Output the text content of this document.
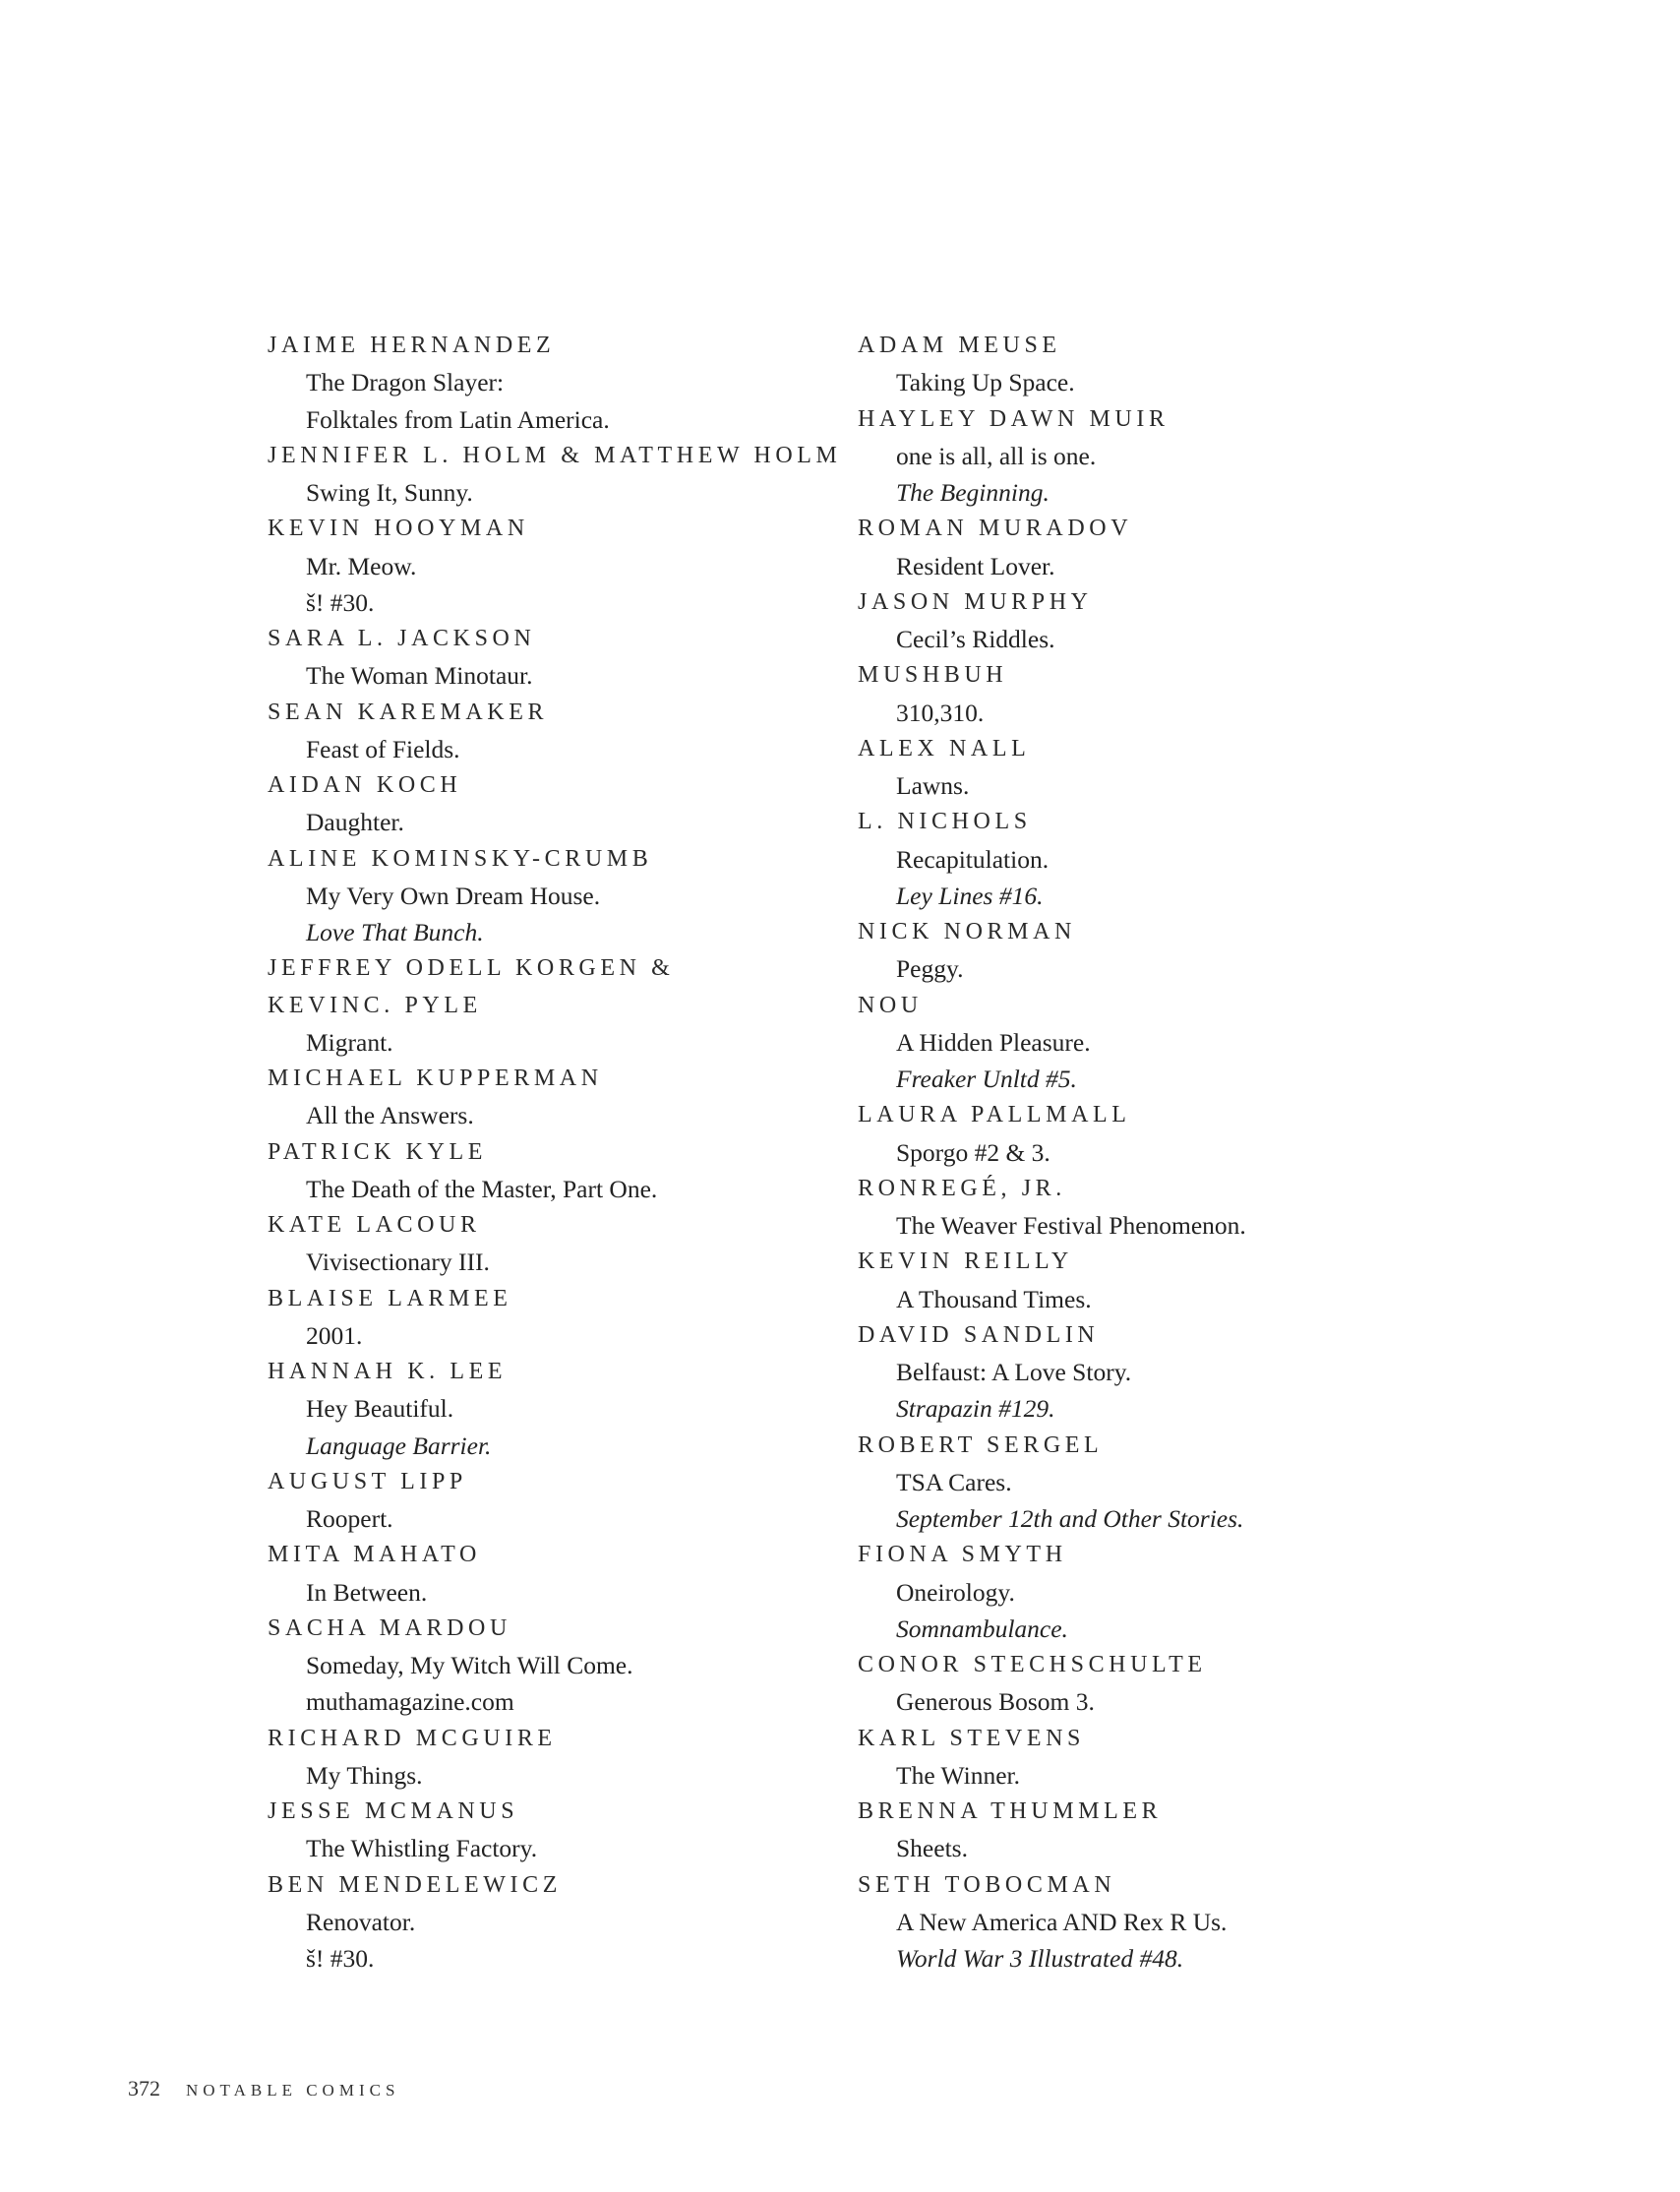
JAIME HERNANDEZ
The Dragon Slayer:
Folktales from Latin America.
JENNIFER L. HOLM & MATTHEW HOLM
Swing It, Sunny.
KEVIN HOOYMAN
Mr. Meow.
š! #30.
SARA L. JACKSON
The Woman Minotaur.
SEAN KAREMAKER
Feast of Fields.
AIDAN KOCH
Daughter.
ALINE KOMINSKY-CRUMB
My Very Own Dream House.
Love That Bunch.
JEFFREY ODELL KORGEN &
KEVINC. PYLE
Migrant.
MICHAEL KUPPERMAN
All the Answers.
PATRICK KYLE
The Death of the Master, Part One.
KATE LACOUR
Vivisectionary III.
BLAISE LARMEE
2001.
HANNAH K. LEE
Hey Beautiful.
Language Barrier.
AUGUST LIPP
Roopert.
MITA MAHATO
In Between.
SACHA MARDOU
Someday, My Witch Will Come.
muthamagazine.com
RICHARD MCGUIRE
My Things.
JESSE MCMANUS
The Whistling Factory.
BEN MENDELEWICZ
Renovator.
š! #30.
ADAM MEUSE
Taking Up Space.
HAYLEY DAWN MUIR
one is all, all is one.
The Beginning.
ROMAN MURADOV
Resident Lover.
JASON MURPHY
Cecil’s Riddles.
MUSHBUH
310,310.
ALEX NALL
Lawns.
L. NICHOLS
Recapitulation.
Ley Lines #16.
NICK NORMAN
Peggy.
NOU
A Hidden Pleasure.
Freaker Unltd #5.
LAURA PALLMALL
Sporgo #2 & 3.
RONREGÉ, JR.
The Weaver Festival Phenomenon.
KEVIN REILLY
A Thousand Times.
DAVID SANDLIN
Belfaust: A Love Story.
Strapazin #129.
ROBERT SERGEL
TSA Cares.
September 12th and Other Stories.
FIONA SMYTH
Oneirology.
Somnambulance.
CONOR STECHSCHULTE
Generous Bosom 3.
KARL STEVENS
The Winner.
BRENNA THUMMLER
Sheets.
SETH TOBOCMAN
A New America AND Rex R Us.
World War 3 Illustrated #48.
372 NOTABLE COMICS
